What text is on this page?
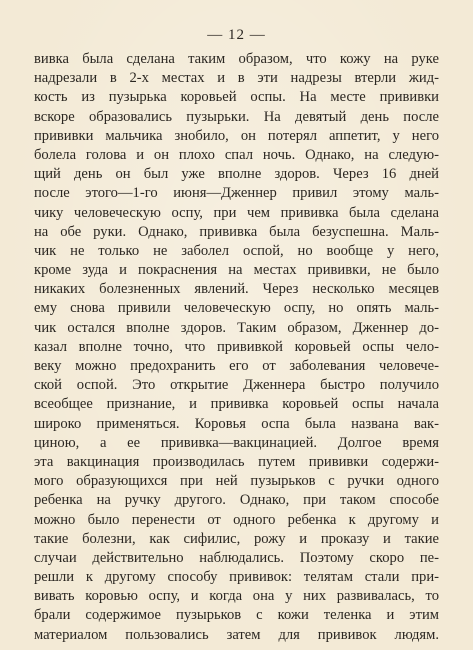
— 12 —
вивка была сделана таким образом, что кожу на руке
надрезали в 2-х местах и в эти надрезы втерли жид-
кость из пузырька коровьей оспы. На месте прививки
вскоре образовались пузырьки. На девятый день после
прививки мальчика знобило, он потерял аппетит, у него
болела голова и он плохо спал ночь. Однако, на следую-
щий день он был уже вполне здоров. Через 16 дней
после этого—1-го июня—Дженнер привил этому маль-
чику человеческую оспу, при чем прививка была сделана
на обе руки. Однако, прививка была безуспешна. Маль-
чик не только не заболел оспой, но вообще у него,
кроме зуда и покраснения на местах прививки, не было
никаких болезненных явлений. Через несколько месяцев
ему снова привили человеческую оспу, но опять маль-
чик остался вполне здоров. Таким образом, Дженнер до-
казал вполне точно, что прививкой коровьей оспы чело-
веку можно предохранить его от заболевания человече-
ской оспой. Это открытие Дженнера быстро получило
всеобщее признание, и прививка коровьей оспы начала
широко применяться. Коровья оспа была названа вак-
циною, а ее прививка—вакцинацией. Долгое время
эта вакцинация производилась путем прививки содержи-
мого образующихся при ней пузырьков с ручки одного
ребенка на ручку другого. Однако, при таком способе
можно было перенести от одного ребенка к другому и
такие болезни, как сифилис, рожу и проказу и такие
случаи действительно наблюдались. Поэтому скоро пе-
решли к другому способу прививок: телятам стали при-
вивать коровью оспу, и когда она у них развивалась, то
брали содержимое пузырьков с кожи теленка и этим
материалом пользовались затем для прививок людям.
